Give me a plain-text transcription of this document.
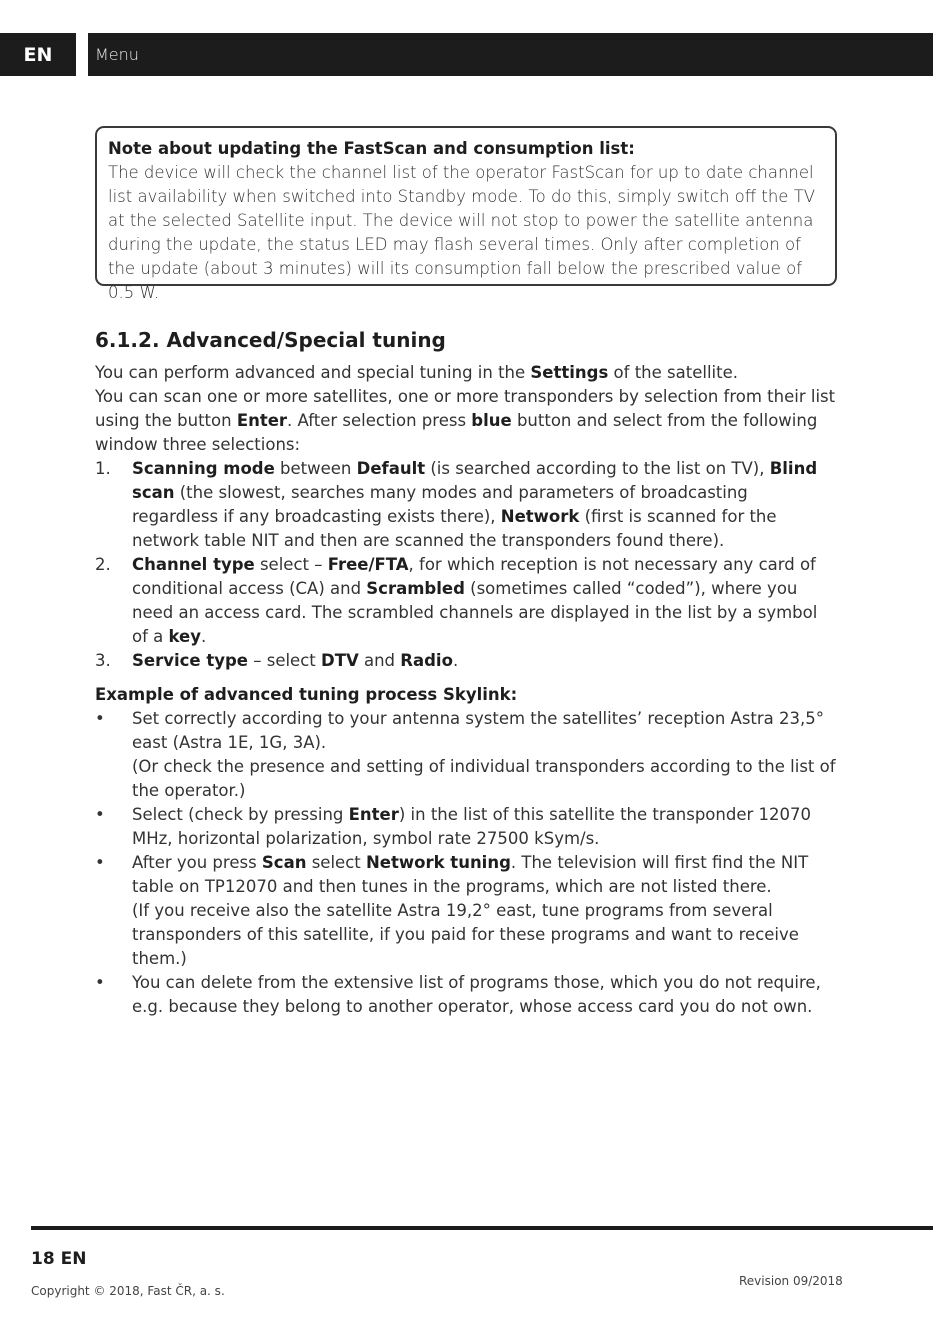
EN	Menu
Note about updating the FastScan and consumption list:
The device will check the channel list of the operator FastScan for up to date channel list availability when switched into Standby mode. To do this, simply switch off the TV at the selected Satellite input. The device will not stop to power the satellite antenna during the update, the status LED may flash several times. Only after completion of the update (about 3 minutes) will its consumption fall below the prescribed value of 0.5 W.
6.1.2. Advanced/Special tuning
You can perform advanced and special tuning in the Settings of the satellite.
You can scan one or more satellites, one or more transponders by selection from their list using the button Enter. After selection press blue button and select from the following window three selections:
1. Scanning mode between Default (is searched according to the list on TV), Blind scan (the slowest, searches many modes and parameters of broadcasting regardless if any broadcasting exists there), Network (first is scanned for the network table NIT and then are scanned the transponders found there).
2. Channel type select – Free/FTA, for which reception is not necessary any card of conditional access (CA) and Scrambled (sometimes called “coded”), where you need an access card. The scrambled channels are displayed in the list by a symbol of a key.
3. Service type – select DTV and Radio.
Example of advanced tuning process Skylink:
• Set correctly according to your antenna system the satellites’ reception Astra 23,5° east (Astra 1E, 1G, 3A).
(Or check the presence and setting of individual transponders according to the list of the operator.)
• Select (check by pressing Enter) in the list of this satellite the transponder 12070 MHz, horizontal polarization, symbol rate 27500 kSym/s.
• After you press Scan select Network tuning. The television will first find the NIT table on TP12070 and then tunes in the programs, which are not listed there.
(If you receive also the satellite Astra 19,2° east, tune programs from several transponders of this satellite, if you paid for these programs and want to receive them.)
• You can delete from the extensive list of programs those, which you do not require, e.g. because they belong to another operator, whose access card you do not own.
18 EN
Copyright © 2018, Fast ČR, a. s.
Revision 09/2018
